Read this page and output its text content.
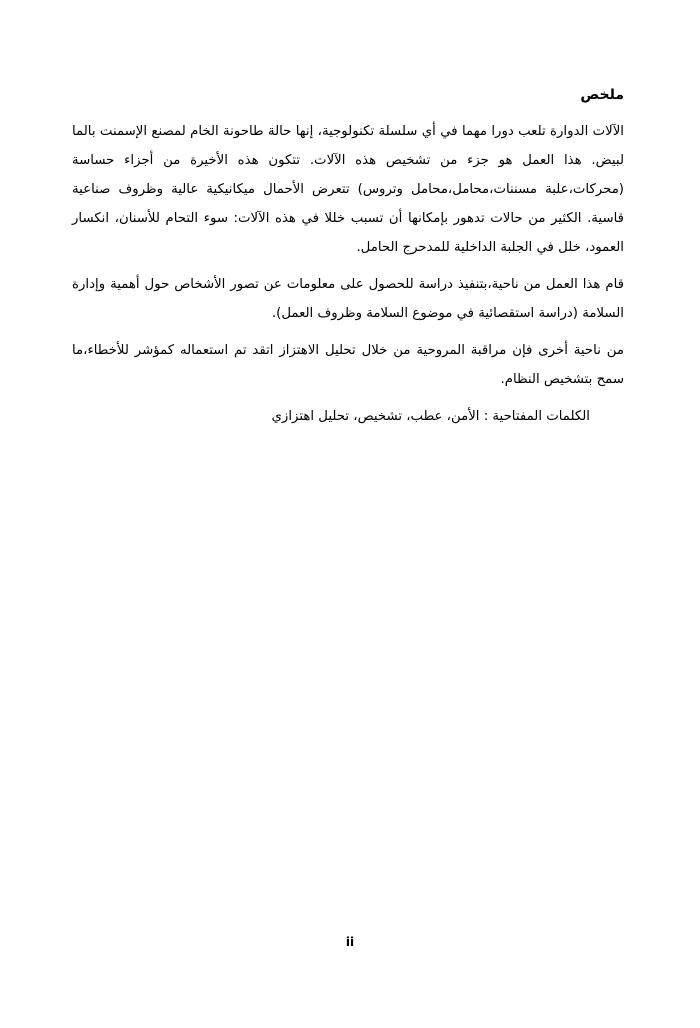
ملخص

الآلات الدوارة تلعب دورا مهما في أي سلسلة تكنولوجية، إنها حالة طاحونة الخام لمصنع الإسمنت بالما لبيض. هذا العمل هو جزء من تشخيص هذه الآلات. تتكون هذه الأخيرة من أجزاء حساسة (محركات،علبة مسننات،محامل،محامل وتروس) تتعرض الأحمال ميكانيكية عالية وظروف صناعية قاسية. الكثير من حالات تدهور بإمكانها أن تسبب خللا في هذه الآلات: سوء التحام للأسنان، انكسار العمود، خلل في الجلبة الداخلية للمدحرج الحامل.

قام هذا العمل من ناحية،بتنفيذ دراسة للحصول على معلومات عن تصور الأشخاص حول أهمية وإدارة السلامة (دراسة استقصائية في موضوع السلامة وظروف العمل).

من ناحية أخرى فإن مراقبة المروحية من خلال تحليل الاهتزاز اتقد تم استعماله كمؤشر للأخطاء،ما سمح بتشخيص النظام.

الكلمات المفتاحية : الأمن، عطب، تشخيص، تحليل اهتزازي
ii
